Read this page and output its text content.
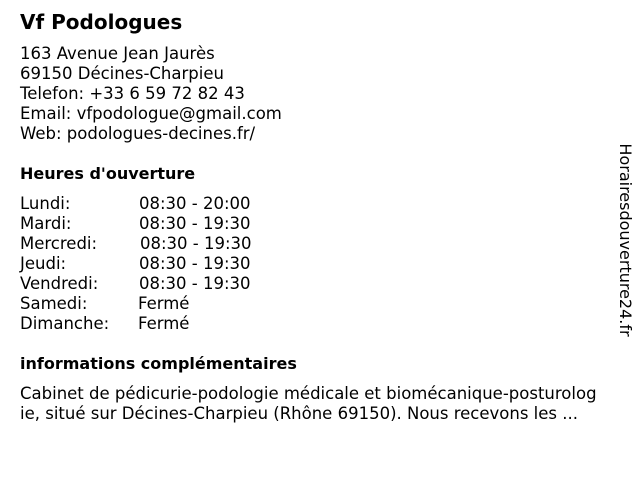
Vf Podologues
163 Avenue Jean Jaurès
69150 Décines-Charpieu
Telefon: +33 6 59 72 82 43
Email: vfpodologue@gmail.com
Web: podologues-decines.fr/
Heures d'ouverture
Lundi:	08:30 - 20:00
Mardi:	08:30 - 19:30
Mercredi:	08:30 - 19:30
Jeudi:	08:30 - 19:30
Vendredi: 08:30 - 19:30
Samedi:	Fermé
Dimanche: Fermé
informations complémentaires
Cabinet de pédicurie-podologie médicale et biomécanique-posturolog
ie, situé sur Décines-Charpieu (Rhône 69150). Nous recevons les ...
Horairesdouverture24.fr
